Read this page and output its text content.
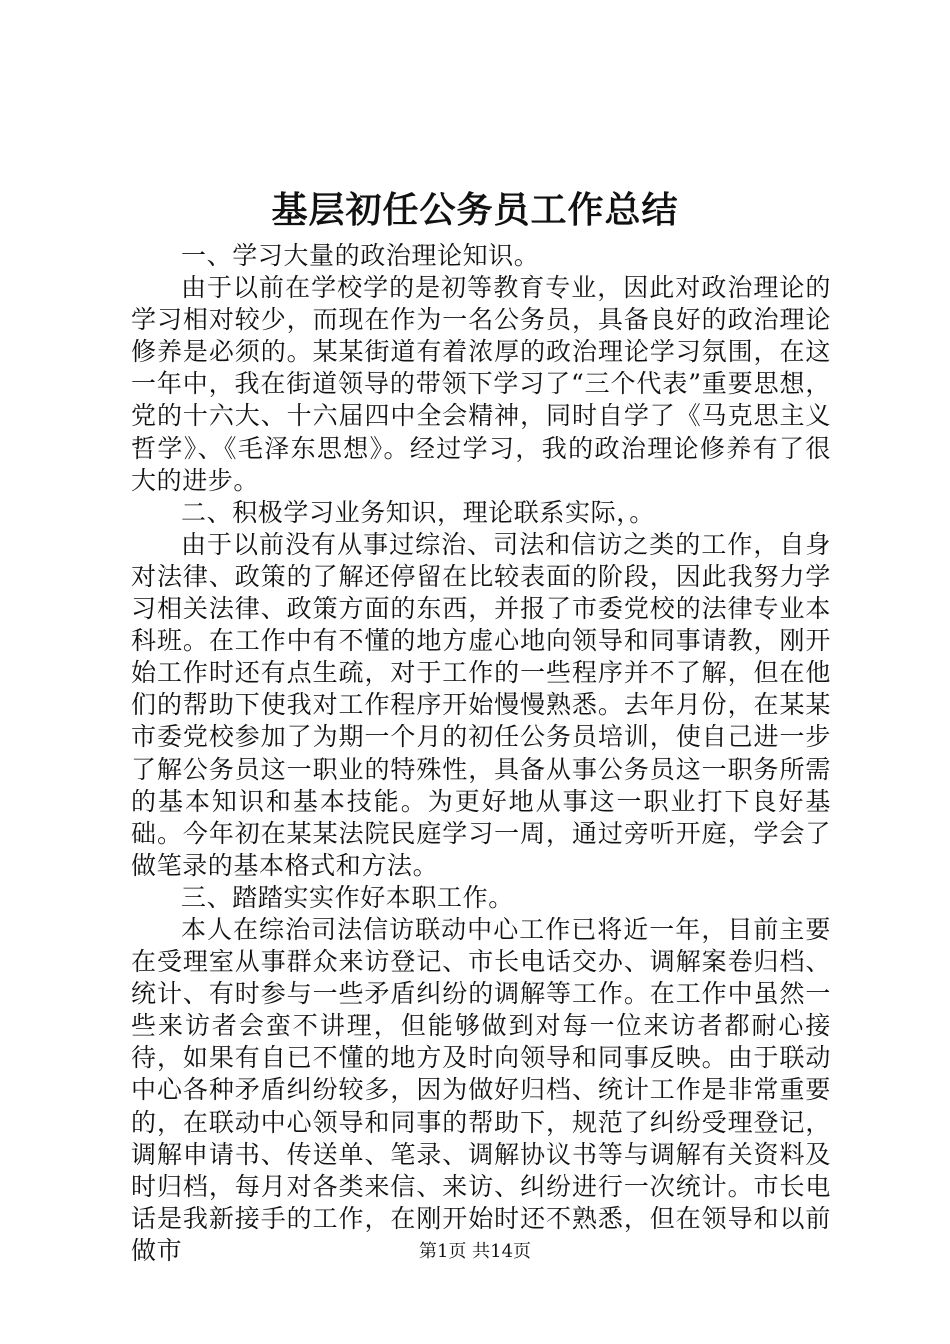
基层初任公务员工作总结

一、学习大量的政治理论知识。

由于以前在学校学的是初等教育专业，因此对政治理论的学习相对较少，而现在作为一名公务员，具备良好的政治理论修养是必须的。某某街道有着浓厚的政治理论学习氛围，在这一年中，我在街道领导的带领下学习了“三个代表”重要思想，党的十六大、十六届四中全会精神，同时自学了《马克思主义哲学》、《毛泽东思想》。经过学习，我的政治理论修养有了很大的进步。

二、积极学习业务知识，理论联系实际，。

由于以前没有从事过综治、司法和信访之类的工作，自身对法律、政策的了解还停留在比较表面的阶段，因此我努力学习相关法律、政策方面的东西，并报了市委党校的法律专业本科班。在工作中有不懂的地方虚心地向领导和同事请教，刚开始工作时还有点生疏，对于工作的一些程序并不了解，但在他们的帮助下使我对工作程序开始慢慢熟悉。去年月份，在某某市委党校参加了为期一个月的初任公务员培训，使自己进一步了解公务员这一职业的特殊性，具备从事公务员这一职务所需的基本知识和基本技能。为更好地从事这一职业打下良好基础。今年初在某某法院民庭学习一周，通过旁听开庭，学会了做笔录的基本格式和方法。

三、踏踏实实作好本职工作。

本人在综治司法信访联动中心工作已将近一年，目前主要在受理室从事群众来访登记、市长电话交办、调解案卷归档、统计、有时参与一些矛盾纠纷的调解等工作。在工作中虽然一些来访者会蛮不讲理，但能够做到对每一位来访者都耐心接待，如果有自已不懂的地方及时向领导和同事反映。由于联动中心各种矛盾纠纷较多，因为做好归档、统计工作是非常重要的，在联动中心领导和同事的帮助下，规范了纠纷受理登记，调解申请书、传送单、笔录、调解协议书等与调解有关资料及时归档，每月对各类来信、来访、纠纷进行一次统计。市长电话是我新接手的工作，在刚开始时还不熟悉，但在领导和以前做市	第1页 共14页
